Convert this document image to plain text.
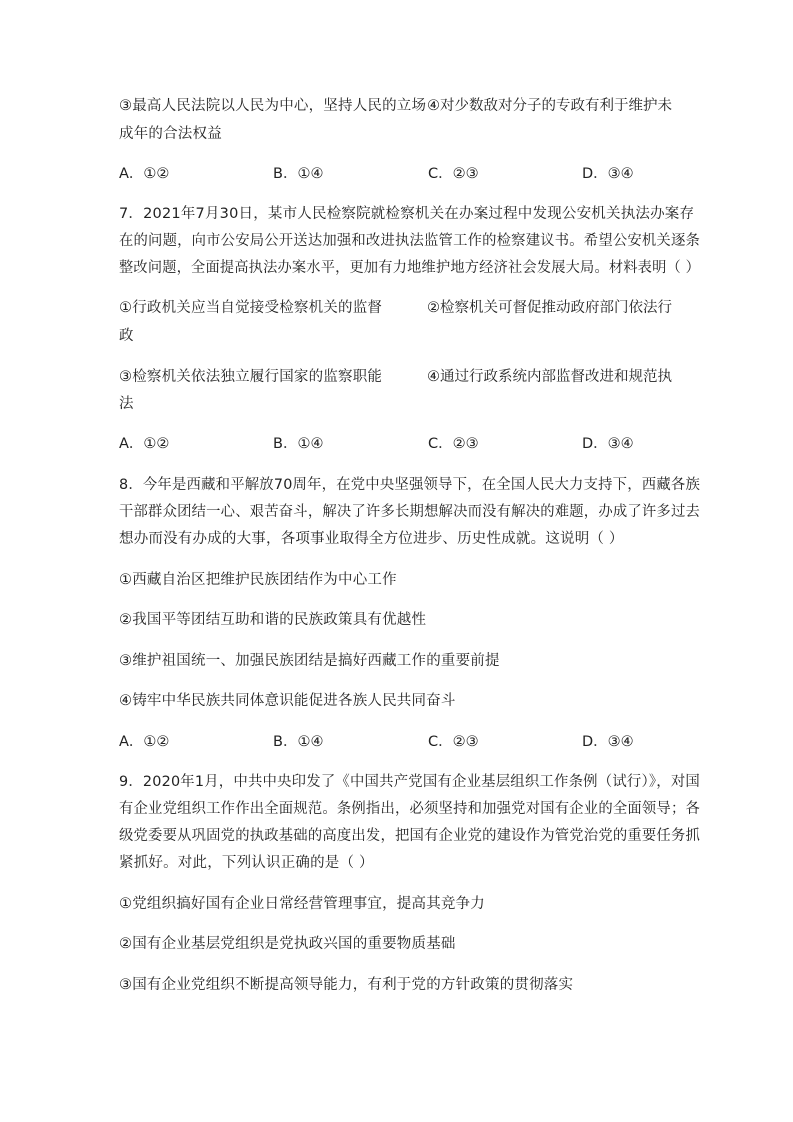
③最高人民法院以人民为中心，坚持人民的立场 ④对少数敌对分子的专政有利于维护未
成年的合法权益
A．①②	B．①④	C．②③	D．③④
7．2021年7月30日，某市人民检察院就检察机关在办案过程中发现公安机关执法办案存
在的问题，向市公安局公开送达加强和改进执法监管工作的检察建议书。希望公安机关逐条
整改问题，全面提高执法办案水平，更加有力地维护地方经济社会发展大局。材料表明（ ）
①行政机关应当自觉接受检察机关的监督	②检察机关可督促推动政府部门依法行
政
③检察机关依法独立履行国家的监察职能	④通过行政系统内部监督改进和规范执
法
A．①②	B．①④	C．②③	D．③④
8．今年是西藏和平解放70周年，在党中央坚强领导下，在全国人民大力支持下，西藏各族
干部群众团结一心、艰苦奋斗，解决了许多长期想解决而没有解决的难题，办成了许多过去
想办而没有办成的大事，各项事业取得全方位进步、历史性成就。这说明（ ）
①西藏自治区把维护民族团结作为中心工作
②我国平等团结互助和谐的民族政策具有优越性
③维护祖国统一、加强民族团结是搞好西藏工作的重要前提
④铸牢中华民族共同体意识能促进各族人民共同奋斗
A．①②	B．①④	C．②③	D．③④
9．2020年1月，中共中央印发了《中国共产党国有企业基层组织工作条例（试行）》，对国
有企业党组织工作作出全面规范。条例指出，必须坚持和加强党对国有企业的全面领导；各
级党委要从巩固党的执政基础的高度出发，把国有企业党的建设作为管党治党的重要任务抓
紧抓好。对此，下列认识正确的是（ ）
①党组织搞好国有企业日常经营管理事宜，提高其竞争力
②国有企业基层党组织是党执政兴国的重要物质基础
③国有企业党组织不断提高领导能力，有利于党的方针政策的贯彻落实
